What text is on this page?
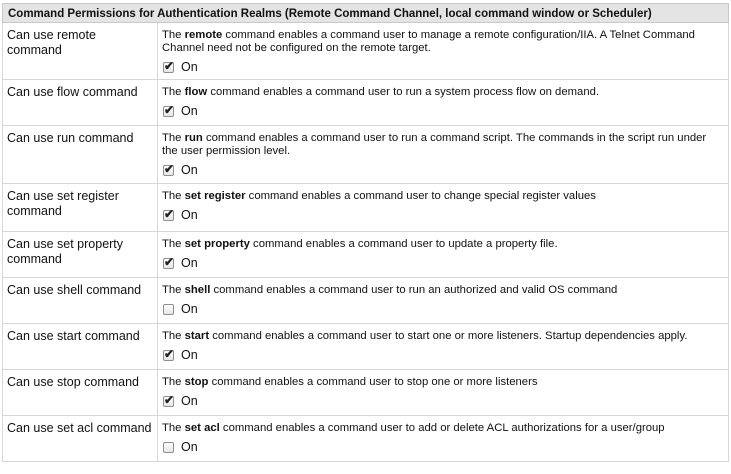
Command Permissions for Authentication Realms (Remote Command Channel, local command window or Scheduler)	
Can use remote command	The remote command enables a command user to manage a remote configuration/IIA. A Telnet Command Channel need not be configured on the remote target.
✔ On

Can use flow command	The flow command enables a command user to run a system process flow on demand.
✔ On

Can use run command	The run command enables a command user to run a command script. The commands in the script run under the user permission level.
✔ On

Can use set register command	The set register command enables a command user to change special register values
✔ On

Can use set property command	The set property command enables a command user to update a property file.
✔ On

Can use shell command	The shell command enables a command user to run an authorized and valid OS command
On

Can use start command	The start command enables a command user to start one or more listeners. Startup dependencies apply.
✔ On

Can use stop command	The stop command enables a command user to stop one or more listeners
✔ On

Can use set acl command	The set acl command enables a command user to add or delete ACL authorizations for a user/group
On
